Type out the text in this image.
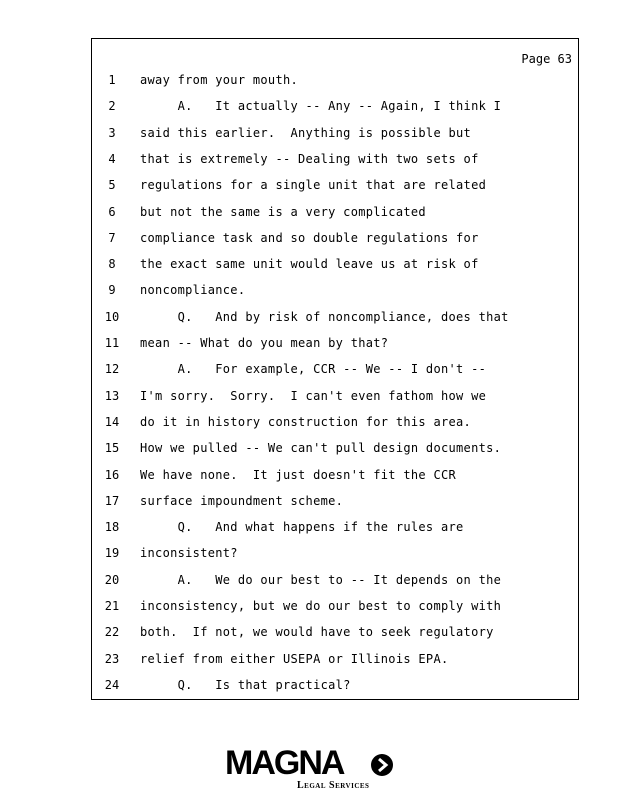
Page 63
1	away from your mouth.
2	A.   It actually -- Any -- Again, I think I
3	said this earlier.  Anything is possible but
4	that is extremely -- Dealing with two sets of
5	regulations for a single unit that are related
6	but not the same is a very complicated
7	compliance task and so double regulations for
8	the exact same unit would leave us at risk of
9	noncompliance.
10	Q.   And by risk of noncompliance, does that
11	mean -- What do you mean by that?
12	A.   For example, CCR -- We -- I don't --
13	I'm sorry.  Sorry.  I can't even fathom how we
14	do it in history construction for this area.
15	How we pulled -- We can't pull design documents.
16	We have none.  It just doesn't fit the CCR
17	surface impoundment scheme.
18	Q.   And what happens if the rules are
19	inconsistent?
20	A.   We do our best to -- It depends on the
21	inconsistency, but we do our best to comply with
22	both.  If not, we would have to seek regulatory
23	relief from either USEPA or Illinois EPA.
24	Q.   Is that practical?
MAGNA
Legal Services
